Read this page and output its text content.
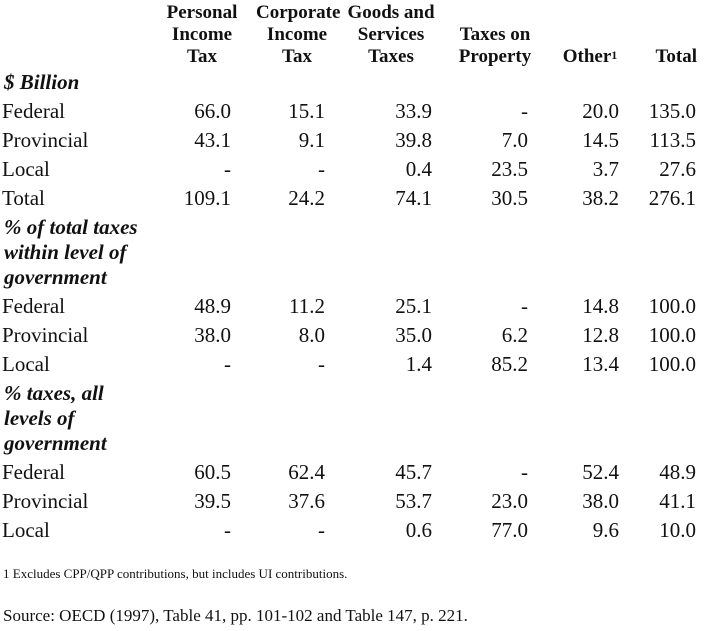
	Personal Income Tax	Corporate Income Tax	Goods and Services Taxes	Taxes on Property	Other$^1$	Total

$ Billion						

Federal	66.0	15.1	33.9	-	20.0	135.0
Provincial	43.1	9.1	39.8	7.0	14.5	113.5
Local	-	-	0.4	23.5	3.7	27.6
Total	109.1	24.2	74.1	30.5	38.2	276.1

% of total taxes within level of government						

Federal	48.9	11.2	25.1	-	14.8	100.0
Provincial	38.0	8.0	35.0	6.2	12.8	100.0
Local	-	-	1.4	85.2	13.4	100.0

% taxes, all levels of government						

Federal	60.5	62.4	45.7	-	52.4	48.9
Provincial	39.5	37.6	53.7	23.0	38.0	41.1
Local	-	-	0.6	77.0	9.6	10.0
1 Excludes CPP/QPP contributions, but includes UI contributions.
Source: OECD (1997), Table 41, pp. 101-102 and Table 147, p. 221.
